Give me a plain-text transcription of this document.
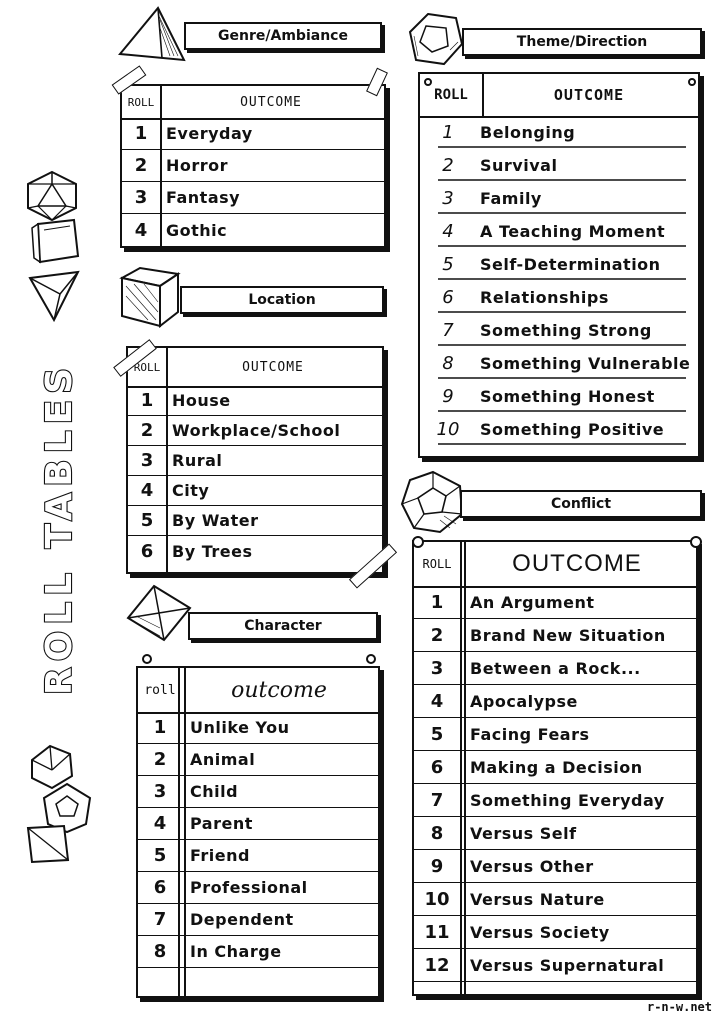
ROLL TABLES
Genre/Ambiance
ROLL	OUTCOME
1	Everyday
2	Horror
3	Fantasy
4	Gothic
Location
ROLL	OUTCOME
1	House
2	Workplace/School
3	Rural
4	City
5	By Water
6	By Trees
Character
roll	outcome
1	Unlike You
2	Animal
3	Child
4	Parent
5	Friend
6	Professional
7	Dependent
8	In Charge
Theme/Direction
ROLL	OUTCOME
1	Belonging
2	Survival
3	Family
4	A Teaching Moment
5	Self-Determination
6	Relationships
7	Something Strong
8	Something Vulnerable
9	Something Honest
10	Something Positive
Conflict
ROLL	OUTCOME
1	An Argument
2	Brand New Situation
3	Between a Rock...
4	Apocalypse
5	Facing Fears
6	Making a Decision
7	Something Everyday
8	Versus Self
9	Versus Other
10	Versus Nature
11	Versus Society
12	Versus Supernatural
r-n-w.net
